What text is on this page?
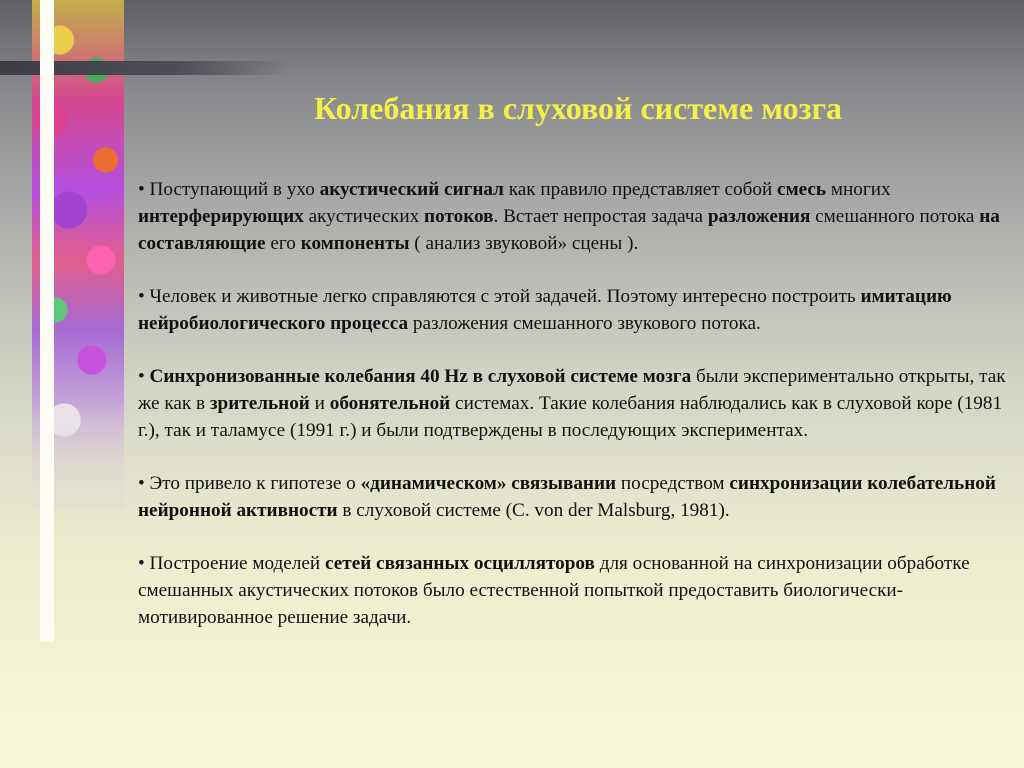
Колебания в слуховой системе мозга

• Поступающий в ухо акустический сигнал как правило представляет собой смесь многих интерферирующих акустических потоков. Встает непростая задача разложения смешанного потока на составляющие его компоненты ( анализ звуковой» сцены ).

• Человек и животные легко справляются с этой задачей. Поэтому интересно построить имитацию нейробиологического процесса разложения смешанного звукового потока.

• Синхронизованные колебания 40 Hz в слуховой системе мозга были экспериментально открыты, так же как в зрительной и обонятельной системах. Такие колебания наблюдались как в слуховой коре (1981 г.), так и таламусе (1991 г.) и были подтверждены в последующих экспериментах.

• Это привело к гипотезе о «динамическом» связывании посредством синхронизации колебательной нейронной активности в слуховой системе (C. von der Malsburg, 1981).

• Построение моделей сетей связанных осцилляторов для основанной на синхронизации обработке смешанных акустических потоков было естественной попыткой предоставить биологически-мотивированное решение задачи.
